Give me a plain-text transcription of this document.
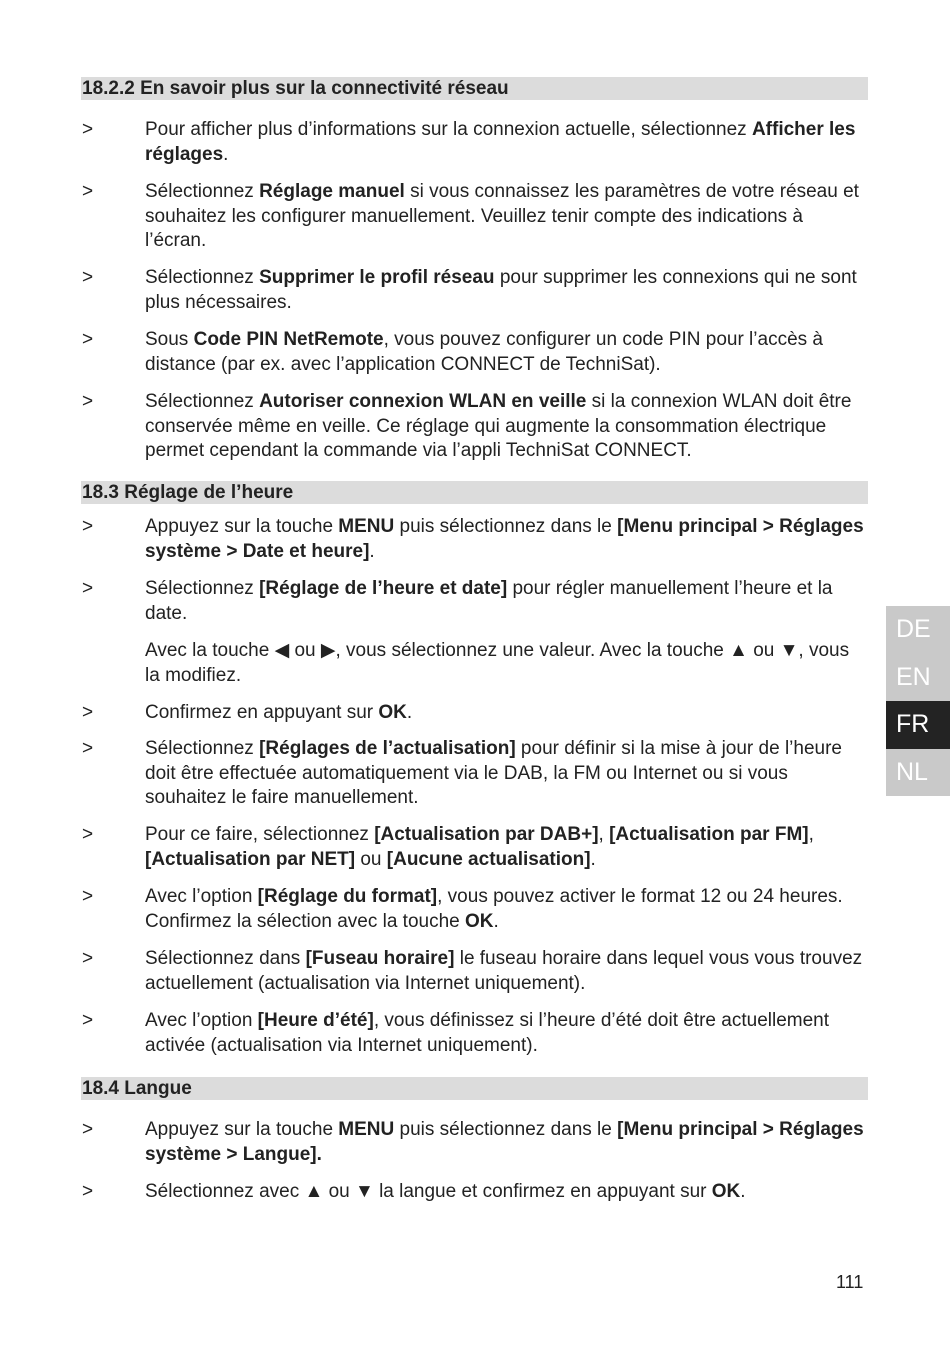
18.2.2 En savoir plus sur la connectivité réseau
>	Pour afficher plus d’informations sur la connexion actuelle, sélectionnez Afficher les réglages.
>	Sélectionnez Réglage manuel si vous connaissez les paramètres de votre réseau et souhaitez les configurer manuellement. Veuillez tenir compte des indications à l’écran.
>	Sélectionnez Supprimer le profil réseau pour supprimer les connexions qui ne sont plus nécessaires.
>	Sous Code PIN NetRemote, vous pouvez configurer un code PIN pour l’accès à distance (par ex. avec l’application CONNECT de TechniSat).
>	Sélectionnez Autoriser connexion WLAN en veille si la connexion WLAN doit être conservée même en veille. Ce réglage qui augmente la consommation électrique permet cependant la commande via l’appli TechniSat CONNECT.
18.3 Réglage de l’heure
>	Appuyez sur la touche MENU puis sélectionnez dans le [Menu principal > Réglages système > Date et heure].
>	Sélectionnez [Réglage de l’heure et date] pour régler manuellement l’heure et la date.
Avec la touche ◀ ou ▶, vous sélectionnez une valeur. Avec la touche ▲ ou ▼, vous la modifiez.
>	Confirmez en appuyant sur OK.
>	Sélectionnez [Réglages de l’actualisation] pour définir si la mise à jour de l’heure doit être effectuée automatiquement via le DAB, la FM ou Internet ou si vous souhaitez le faire manuellement.
>	Pour ce faire, sélectionnez [Actualisation par DAB+], [Actualisation par FM], [Actualisation par NET] ou [Aucune actualisation].
>	Avec l’option [Réglage du format], vous pouvez activer le format 12 ou 24 heures. Confirmez la sélection avec la touche OK.
>	Sélectionnez dans [Fuseau horaire] le fuseau horaire dans lequel vous vous trouvez actuellement (actualisation via Internet uniquement).
>	Avec l’option [Heure d’été], vous définissez si l’heure d’été doit être actuellement activée (actualisation via Internet uniquement).
18.4 Langue
>	Appuyez sur la touche MENU puis sélectionnez dans le [Menu principal > Réglages système > Langue].
>	Sélectionnez avec ▲ ou ▼ la langue et confirmez en appuyant sur OK.
DE
EN
FR
NL
111
